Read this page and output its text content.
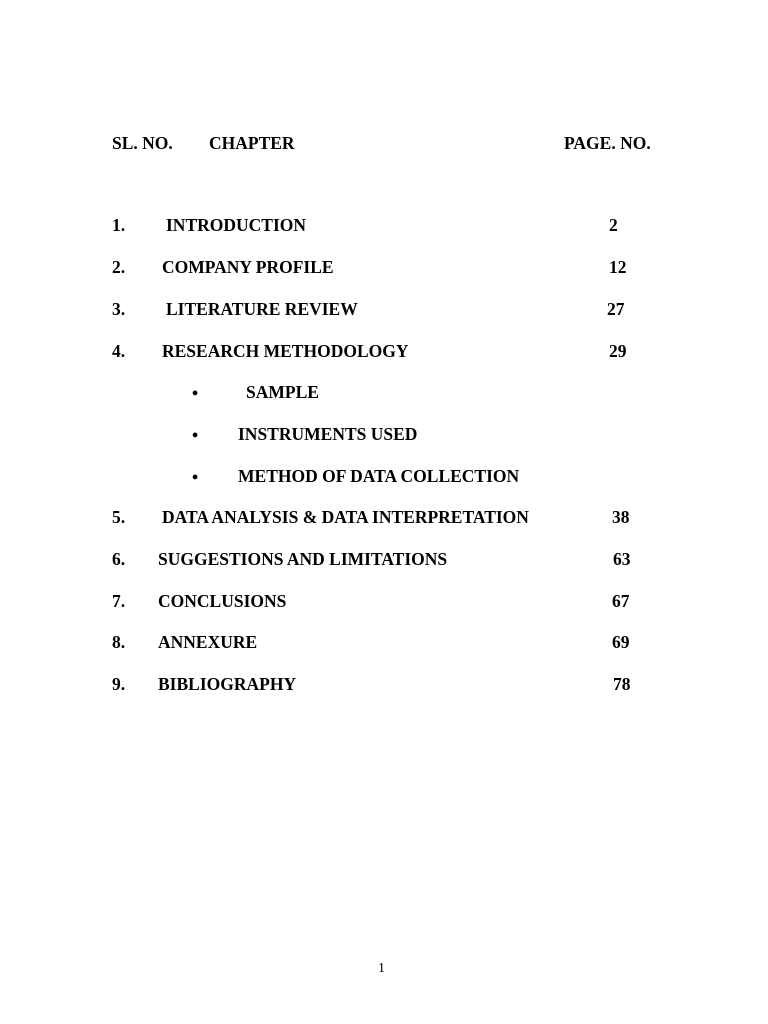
SL. NO. CHAPTER	PAGE. NO.
1. INTRODUCTION	2
2. COMPANY PROFILE	12
3. LITERATURE REVIEW	27
4. RESEARCH METHODOLOGY	29
•	SAMPLE
• INSTRUMENTS USED
• METHOD OF DATA COLLECTION
5. DATA ANALYSIS & DATA INTERPRETATION	38
6. SUGGESTIONS AND LIMITATIONS	63
7. CONCLUSIONS	67
8. ANNEXURE	69
9. BIBLIOGRAPHY	78
1
